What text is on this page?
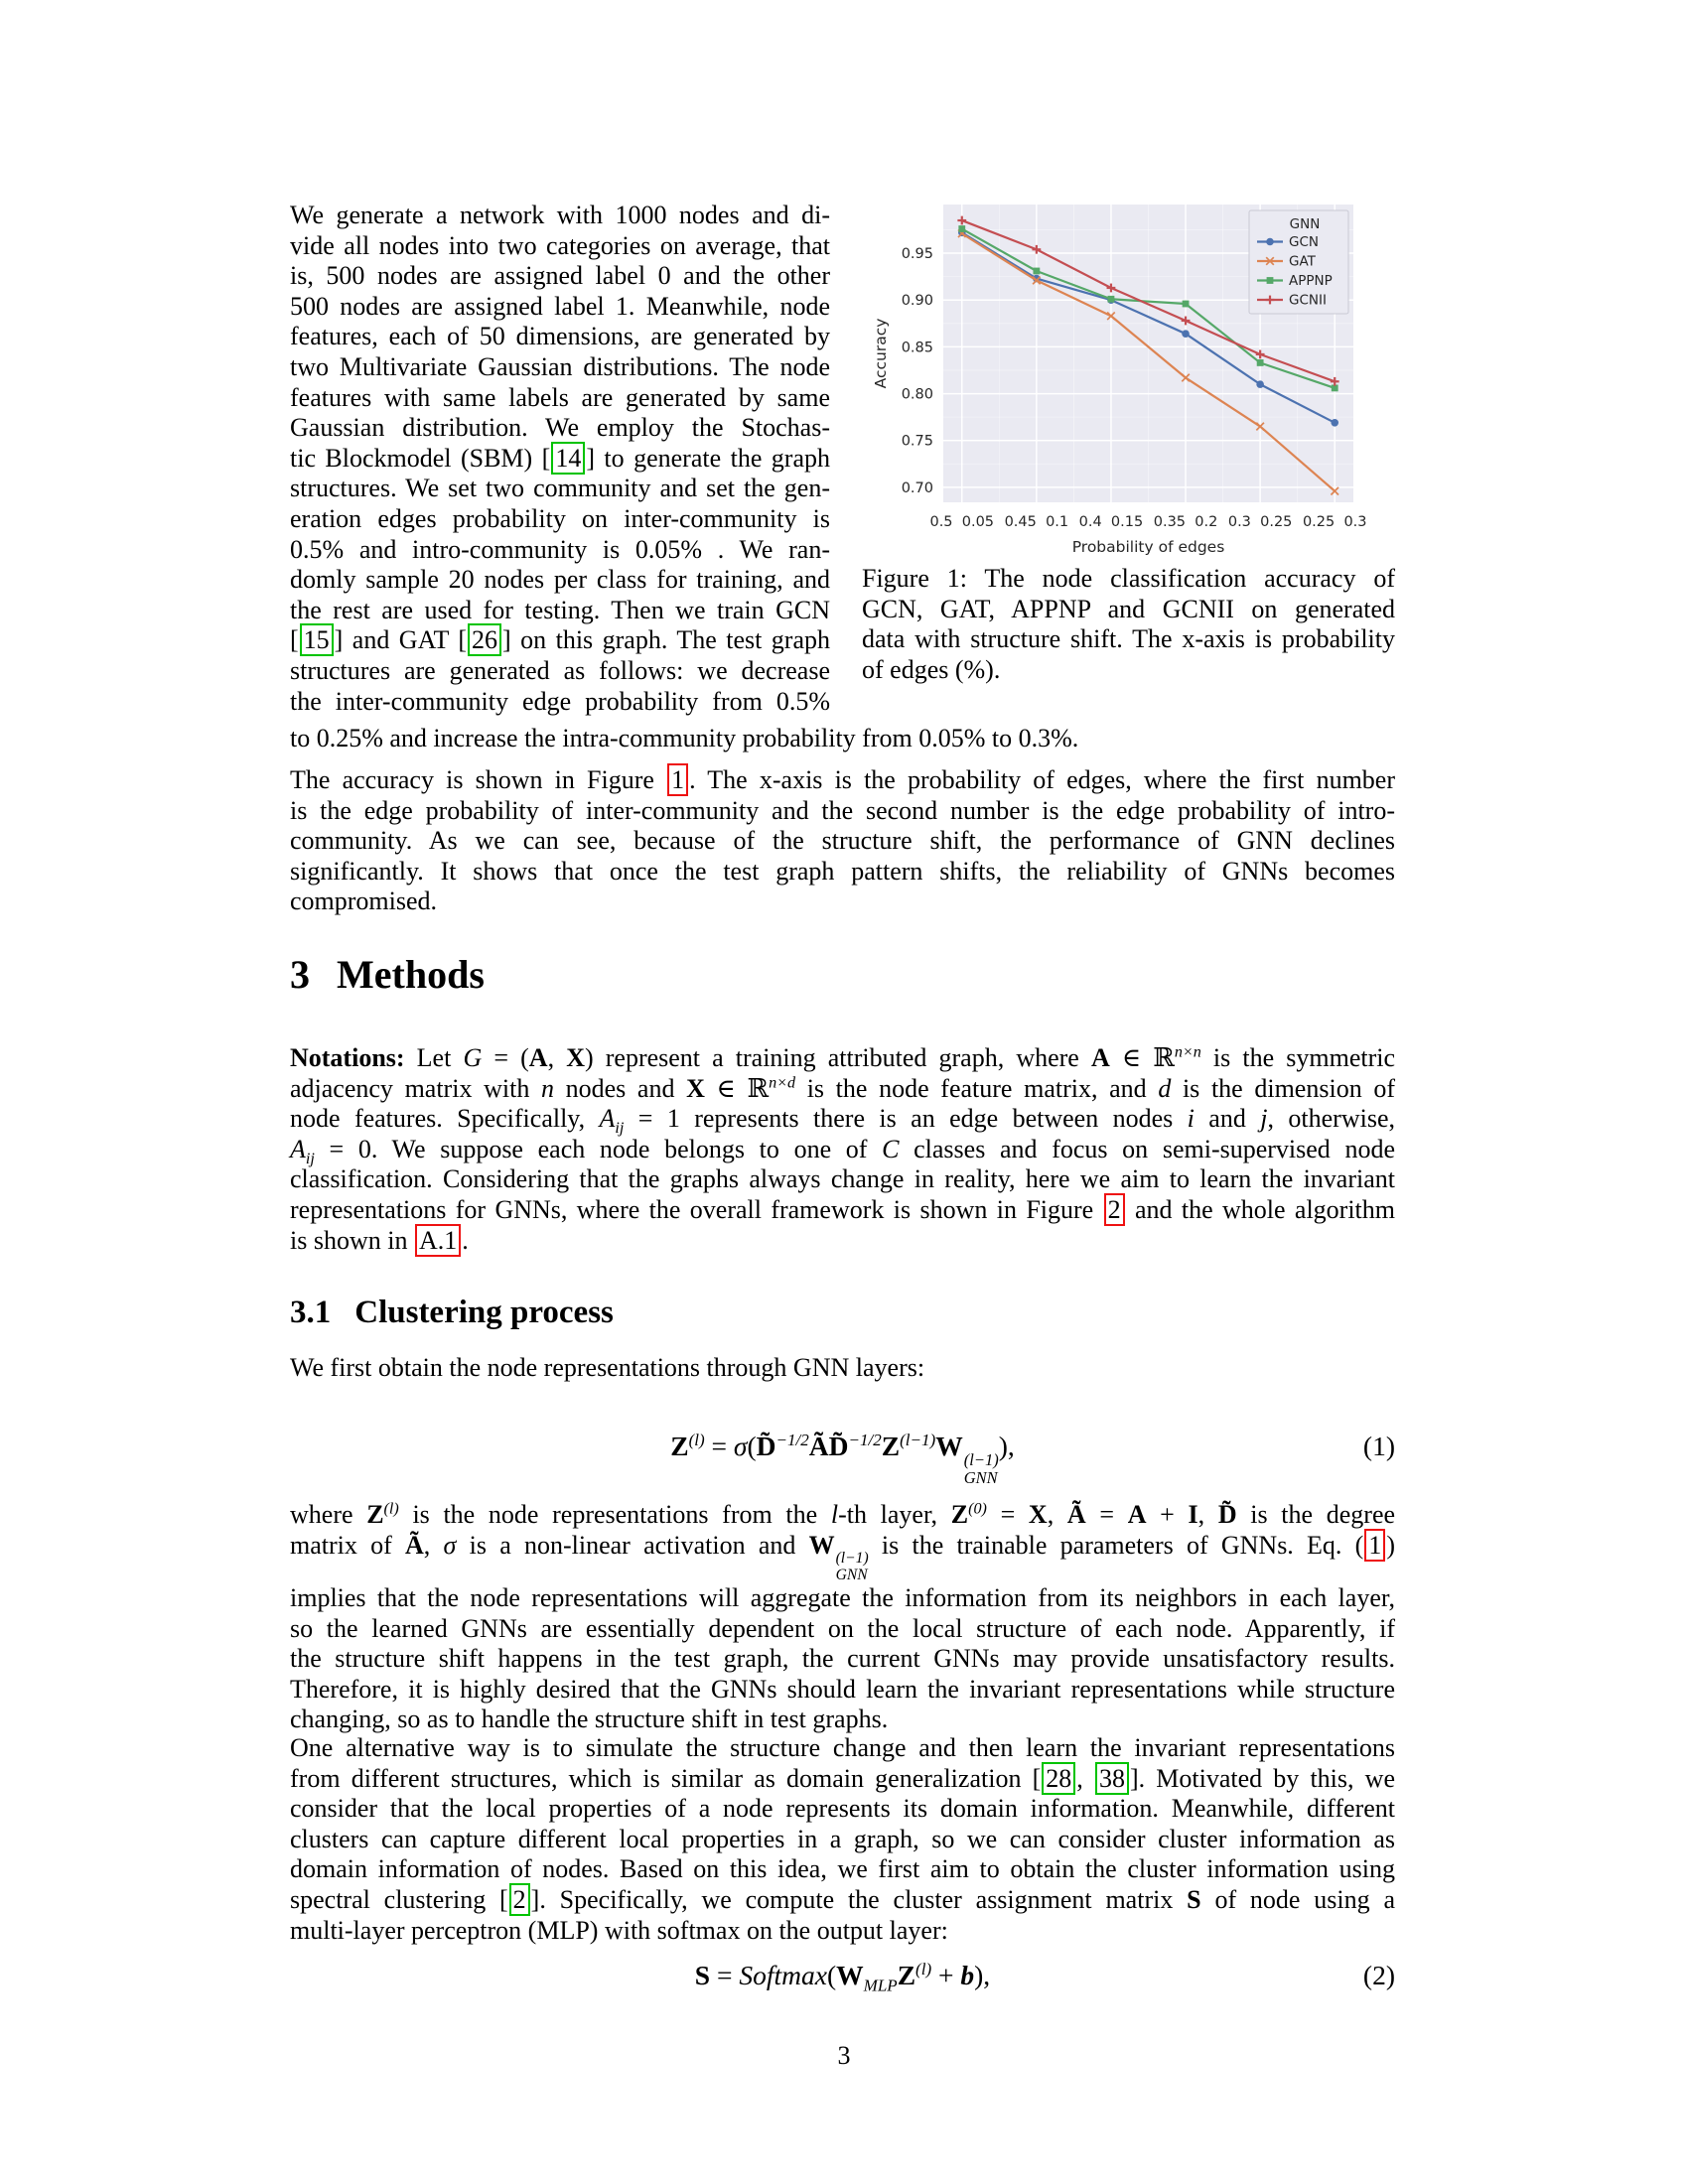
We generate a network with 1000 nodes and di-
vide all nodes into two categories on average, that
is, 500 nodes are assigned label 0 and the other
500 nodes are assigned label 1. Meanwhile, node
features, each of 50 dimensions, are generated by
two Multivariate Gaussian distributions. The node
features with same labels are generated by same
Gaussian distribution. We employ the Stochas-
tic Blockmodel (SBM) [ 14 ] to generate the graph
structures. We set two community and set the gen-
eration edges probability on inter-community is
0.5% and intro-community is 0.05% . We ran-
domly sample 20 nodes per class for training, and
the rest are used for testing. Then we train GCN
[ 15 ] and GAT [ 26 ] on this graph. The test graph
structures are generated as follows: we decrease
the inter-community edge probability from 0.5%
0.70
0.75
0.80
0.85
0.90
0.95
0.5  0.05 0.45  0.1 0.4  0.15 0.35  0.2 0.3  0.25 0.25  0.3
Probability of edges
Accuracy
GNN
GCN
GAT
APPNP
GCNII
Figure 1: The node classification accuracy of
GCN, GAT, APPNP and GCNII on generated
data with structure shift. The x-axis is probability
of edges (%).
to 0.25% and increase the intra-community probability from 0.05% to 0.3%.
The accuracy is shown in Figure 1 . The x-axis is the probability of edges, where the first number
is the edge probability of inter-community and the second number is the edge probability of intro-
community. As we can see, because of the structure shift, the performance of GNN declines
significantly. It shows that once the test graph pattern shifts, the reliability of GNNs becomes
compromised.
3 Methods
Notations: Let G = (A, X) represent a training attributed graph, where A ∈ ℝ$^{n\times n}$ is the symmetric
adjacency matrix with n nodes and X ∈ ℝ$^{n\times d}$ is the node feature matrix, and d is the dimension of
node features. Specifically, $A_{ij} = 1$ represents there is an edge between nodes i and j, otherwise,
$A_{ij} = 0$. We suppose each node belongs to one of C classes and focus on semi-supervised node
classification. Considering that the graphs always change in reality, here we aim to learn the invariant
representations for GNNs, where the overall framework is shown in Figure 2 and the whole algorithm
is shown in A.1 .
3.1 Clustering process
We first obtain the node representations through GNN layers:
$Z^{(l)}$ = $\sigma(D̃^{-1/2}ÃD̃^{-1/2}Z^{(l-1)}W$ (l−1)
GNN
),	(1)
where $Z^{(l)}$ is the node representations from the l-th layer, $Z^{(0)} = X$, Ã = A + I, D̃ is the degree
matrix of Ã, σ is a non-linear activation and W (l−1)
GNN
is the trainable parameters of GNNs. Eq. ( 1 )
implies that the node representations will aggregate the information from its neighbors in each layer,
so the learned GNNs are essentially dependent on the local structure of each node. Apparently, if
the structure shift happens in the test graph, the current GNNs may provide unsatisfactory results.
Therefore, it is highly desired that the GNNs should learn the invariant representations while structure
changing, so as to handle the structure shift in test graphs.
One alternative way is to simulate the structure change and then learn the invariant representations
from different structures, which is similar as domain generalization [ 28 , 38 ]. Motivated by this, we
consider that the local properties of a node represents its domain information. Meanwhile, different
clusters can capture different local properties in a graph, so we can consider cluster information as
domain information of nodes. Based on this idea, we first aim to obtain the cluster information using
spectral clustering [ 2 ]. Specifically, we compute the cluster assignment matrix S of node using a
multi-layer perceptron (MLP) with softmax on the output layer:
$S = Softmax(W_{MLP}Z^{(l)} + b)$,	(2)
3
